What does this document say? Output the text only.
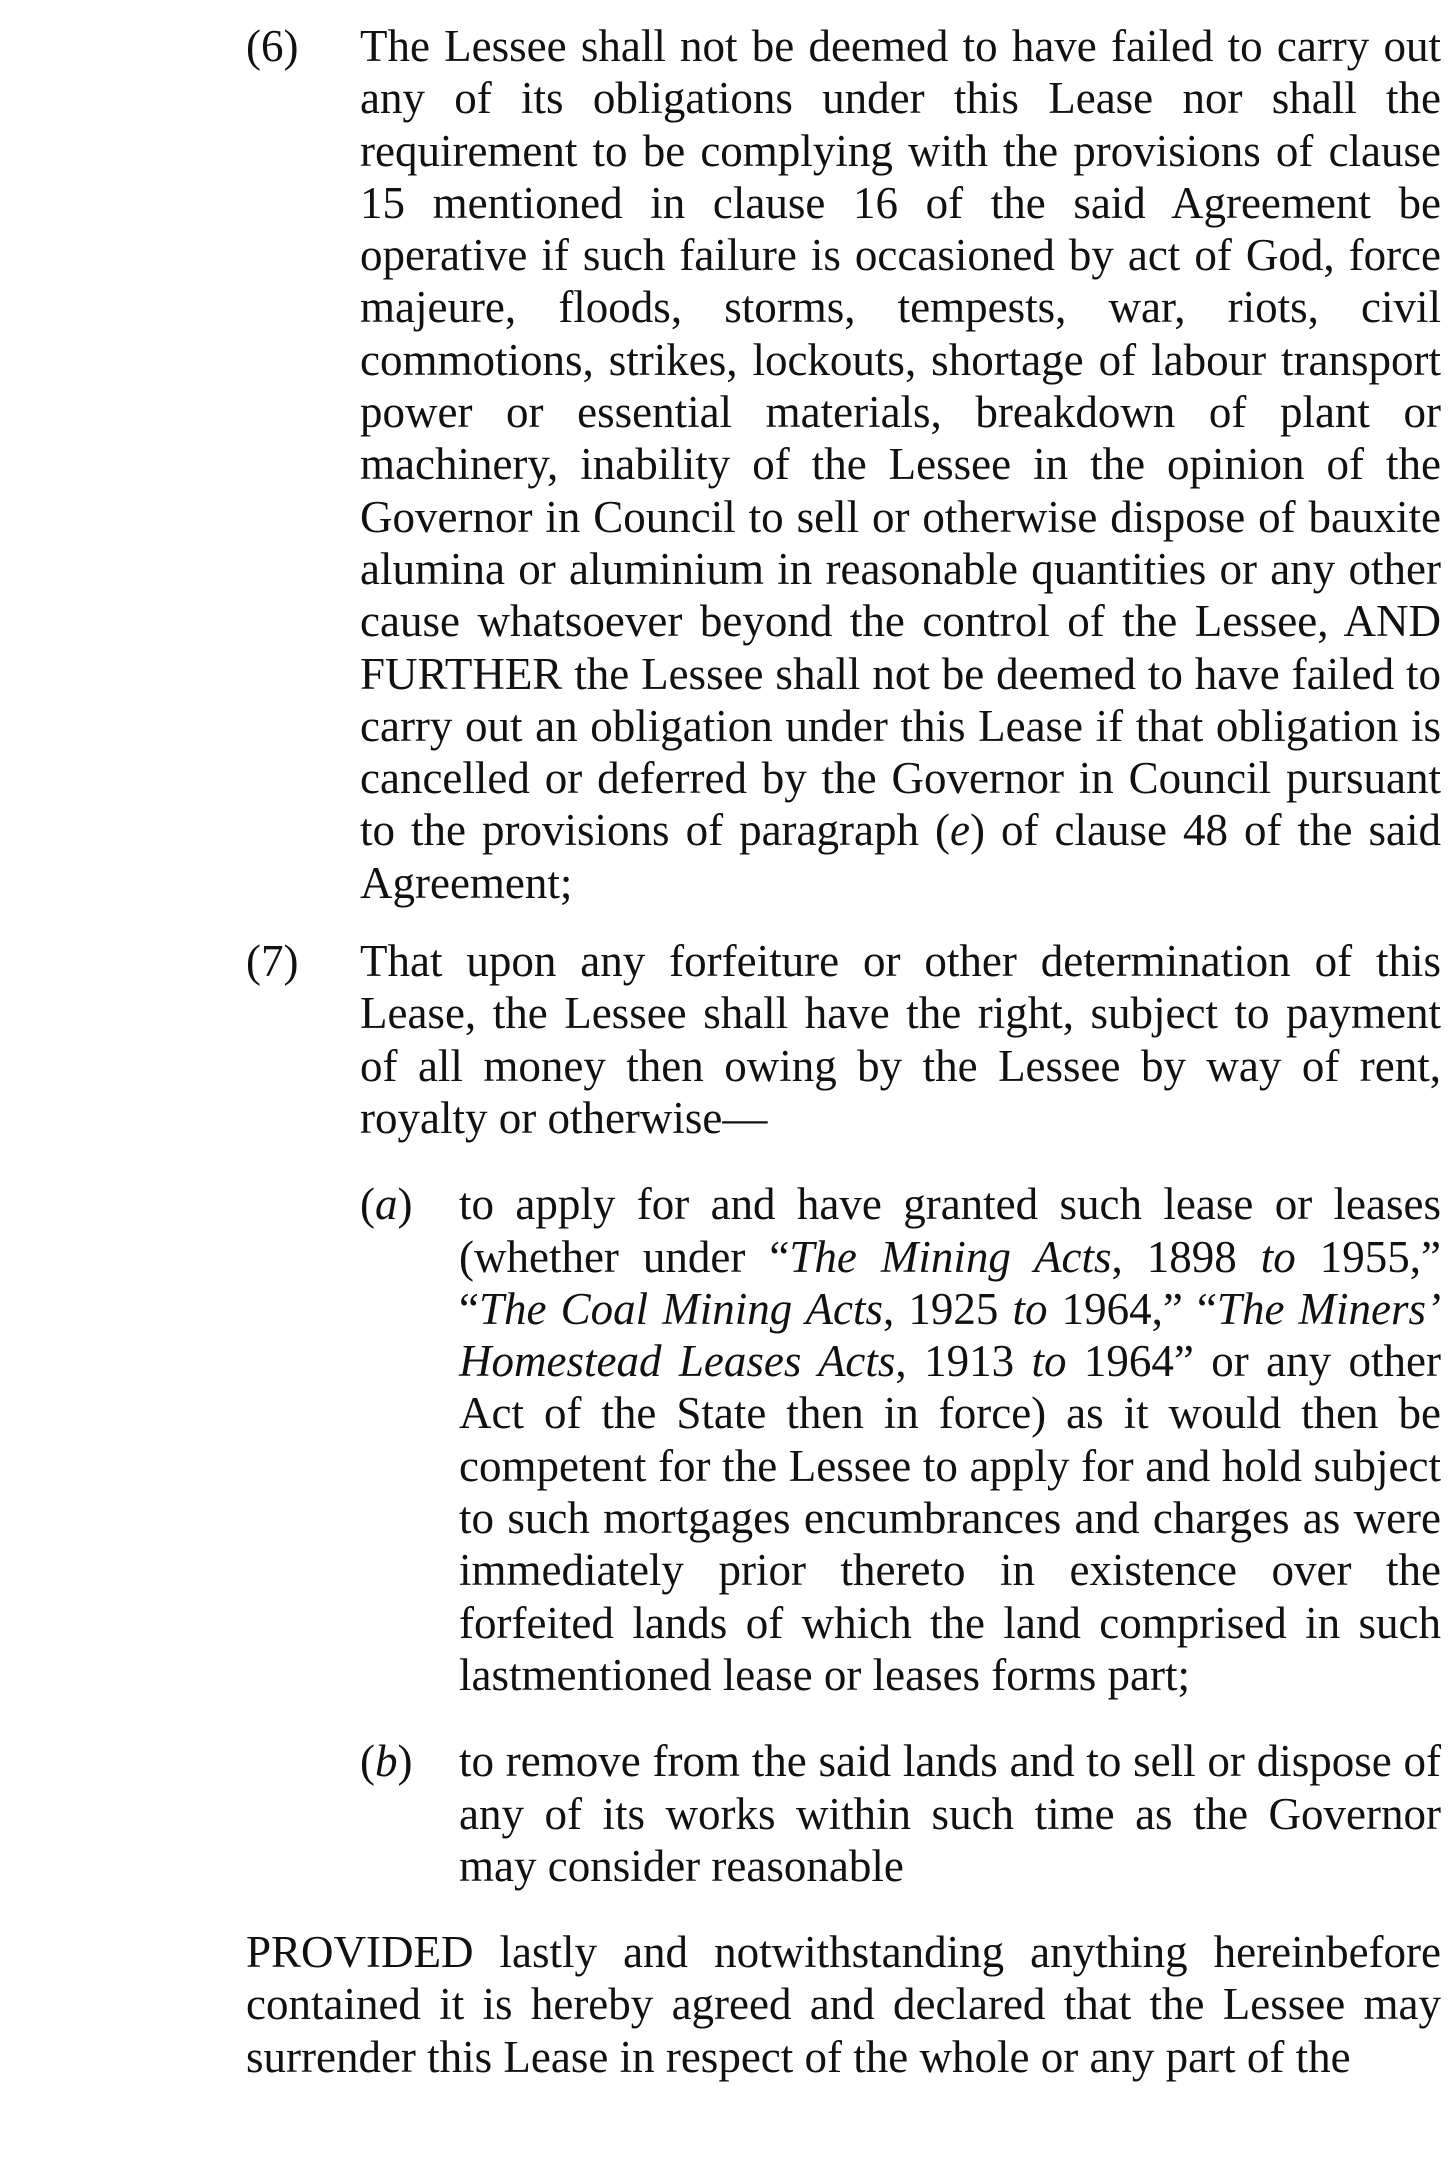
(6) The Lessee shall not be deemed to have failed to carry out any of its obligations under this Lease nor shall the requirement to be complying with the provisions of clause 15 mentioned in clause 16 of the said Agreement be operative if such failure is occasioned by act of God, force majeure, floods, storms, tempests, war, riots, civil commotions, strikes, lockouts, shortage of labour transport power or essential materials, breakdown of plant or machinery, inability of the Lessee in the opinion of the Governor in Council to sell or otherwise dispose of bauxite alumina or aluminium in reasonable quantities or any other cause whatsoever beyond the control of the Lessee, AND FURTHER the Lessee shall not be deemed to have failed to carry out an obligation under this Lease if that obligation is cancelled or deferred by the Governor in Council pursuant to the provisions of paragraph (e) of clause 48 of the said Agreement;
(7) That upon any forfeiture or other determination of this Lease, the Lessee shall have the right, subject to payment of all money then owing by the Lessee by way of rent, royalty or otherwise—
(a) to apply for and have granted such lease or leases (whether under “The Mining Acts, 1898 to 1955,” “The Coal Mining Acts, 1925 to 1964,” “The Miners’ Homestead Leases Acts, 1913 to 1964” or any other Act of the State then in force) as it would then be competent for the Lessee to apply for and hold subject to such mortgages encumbrances and charges as were immediately prior thereto in existence over the forfeited lands of which the land comprised in such lastmentioned lease or leases forms part;
(b) to remove from the said lands and to sell or dispose of any of its works within such time as the Governor may consider reasonable
PROVIDED lastly and notwithstanding anything hereinbefore contained it is hereby agreed and declared that the Lessee may surrender this Lease in respect of the whole or any part of the
